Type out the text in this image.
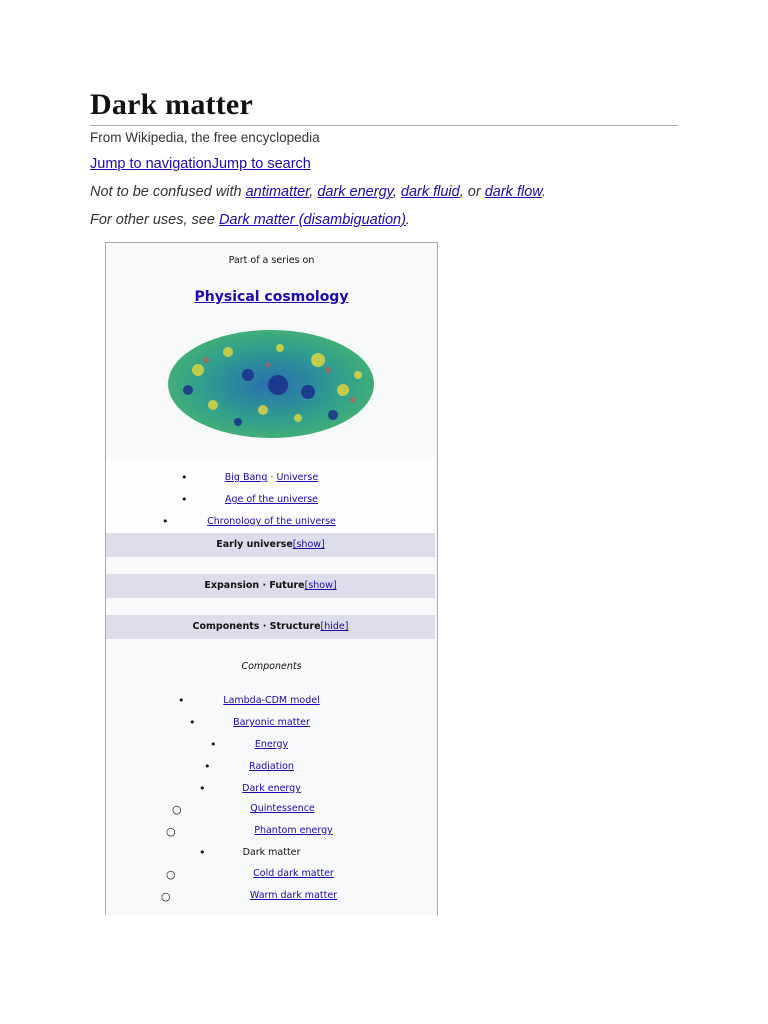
Dark matter
From Wikipedia, the free encyclopedia
Jump to navigationJump to search
Not to be confused with antimatter, dark energy, dark fluid, or dark flow.
For other uses, see Dark matter (disambiguation).
Part of a series on
Physical cosmology
•	Big Bang · Universe
•	Age of the universe
•	Chronology of the universe
Early universe[show]
Expansion · Future[show]
Components · Structure[hide]
Components
•	Lambda-CDM model
•	Baryonic matter
•	Energy
•	Radiation
•	Dark energy
○	Quintessence
○	Phantom energy
•	Dark matter
○	Cold dark matter
○	Warm dark matter
